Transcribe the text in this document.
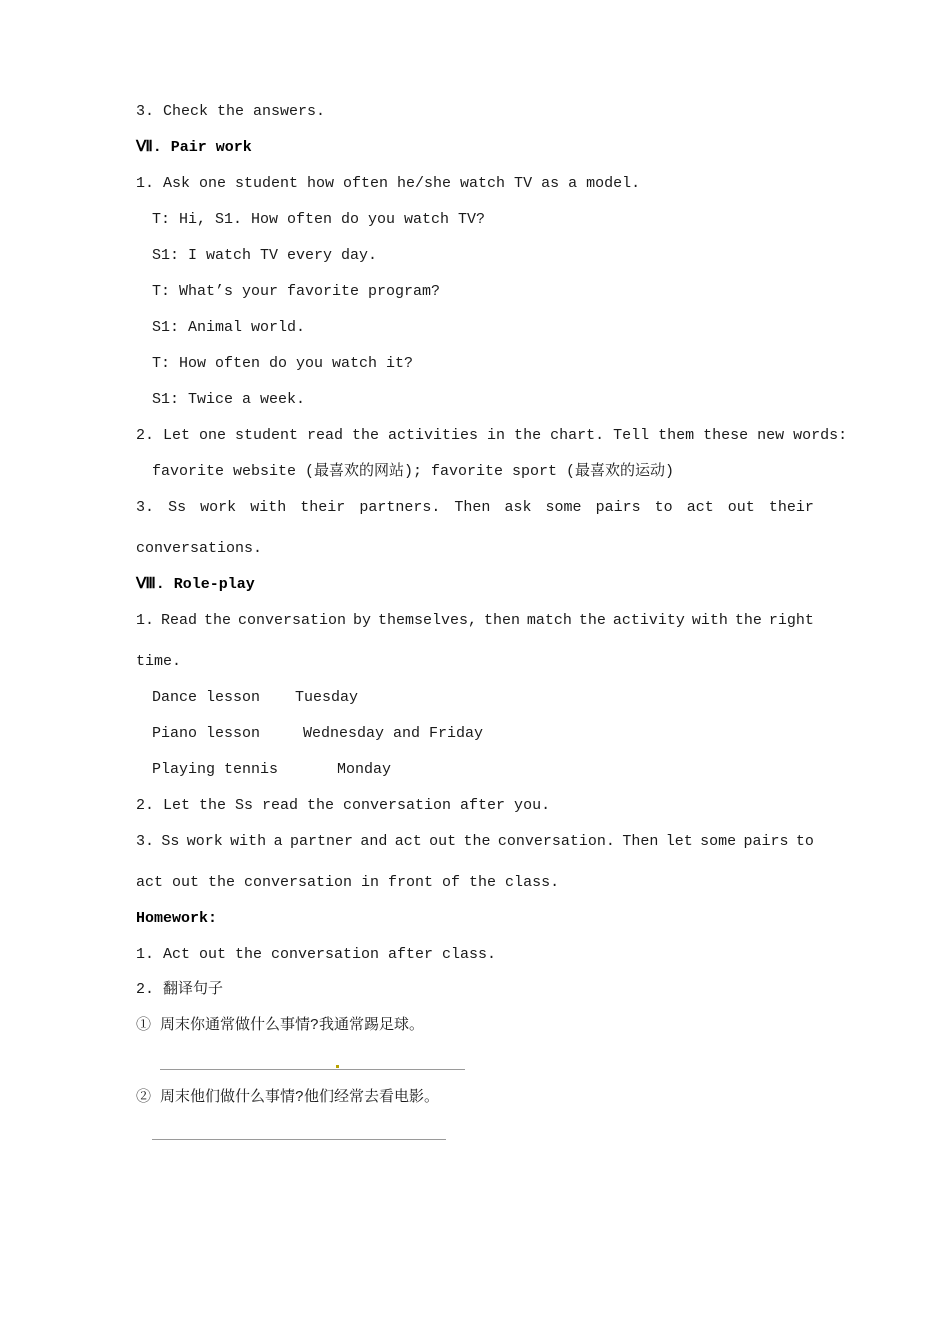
3. Check the answers.
Ⅶ. Pair work
1. Ask one student how often he/she watch TV as a model.
T: Hi, S1. How often do you watch TV?
S1: I watch TV every day.
T: What’s your favorite program?
S1: Animal world.
T: How often do you watch it?
S1: Twice a week.
2. Let one student read the activities in the chart. Tell them these new words:
favorite website (最喜欢的网站); favorite sport (最喜欢的运动)
3. Ss work with their partners. Then ask some pairs to act out their
conversations.
Ⅷ. Role-play
1. Read the conversation by themselves, then match the activity with the right
time.
Dance lesson Tuesday
Piano lesson	Wednesday and Friday
Playing tennis	Monday
2. Let the Ss read the conversation after you.
3. Ss work with a partner and act out the conversation. Then let some pairs to
act out the conversation in front of the class.
Homework:
1. Act out the conversation after class.
2. 翻译句子
① 周末你通常做什么事情?我通常踢足球。
② 周末他们做什么事情?他们经常去看电影。
